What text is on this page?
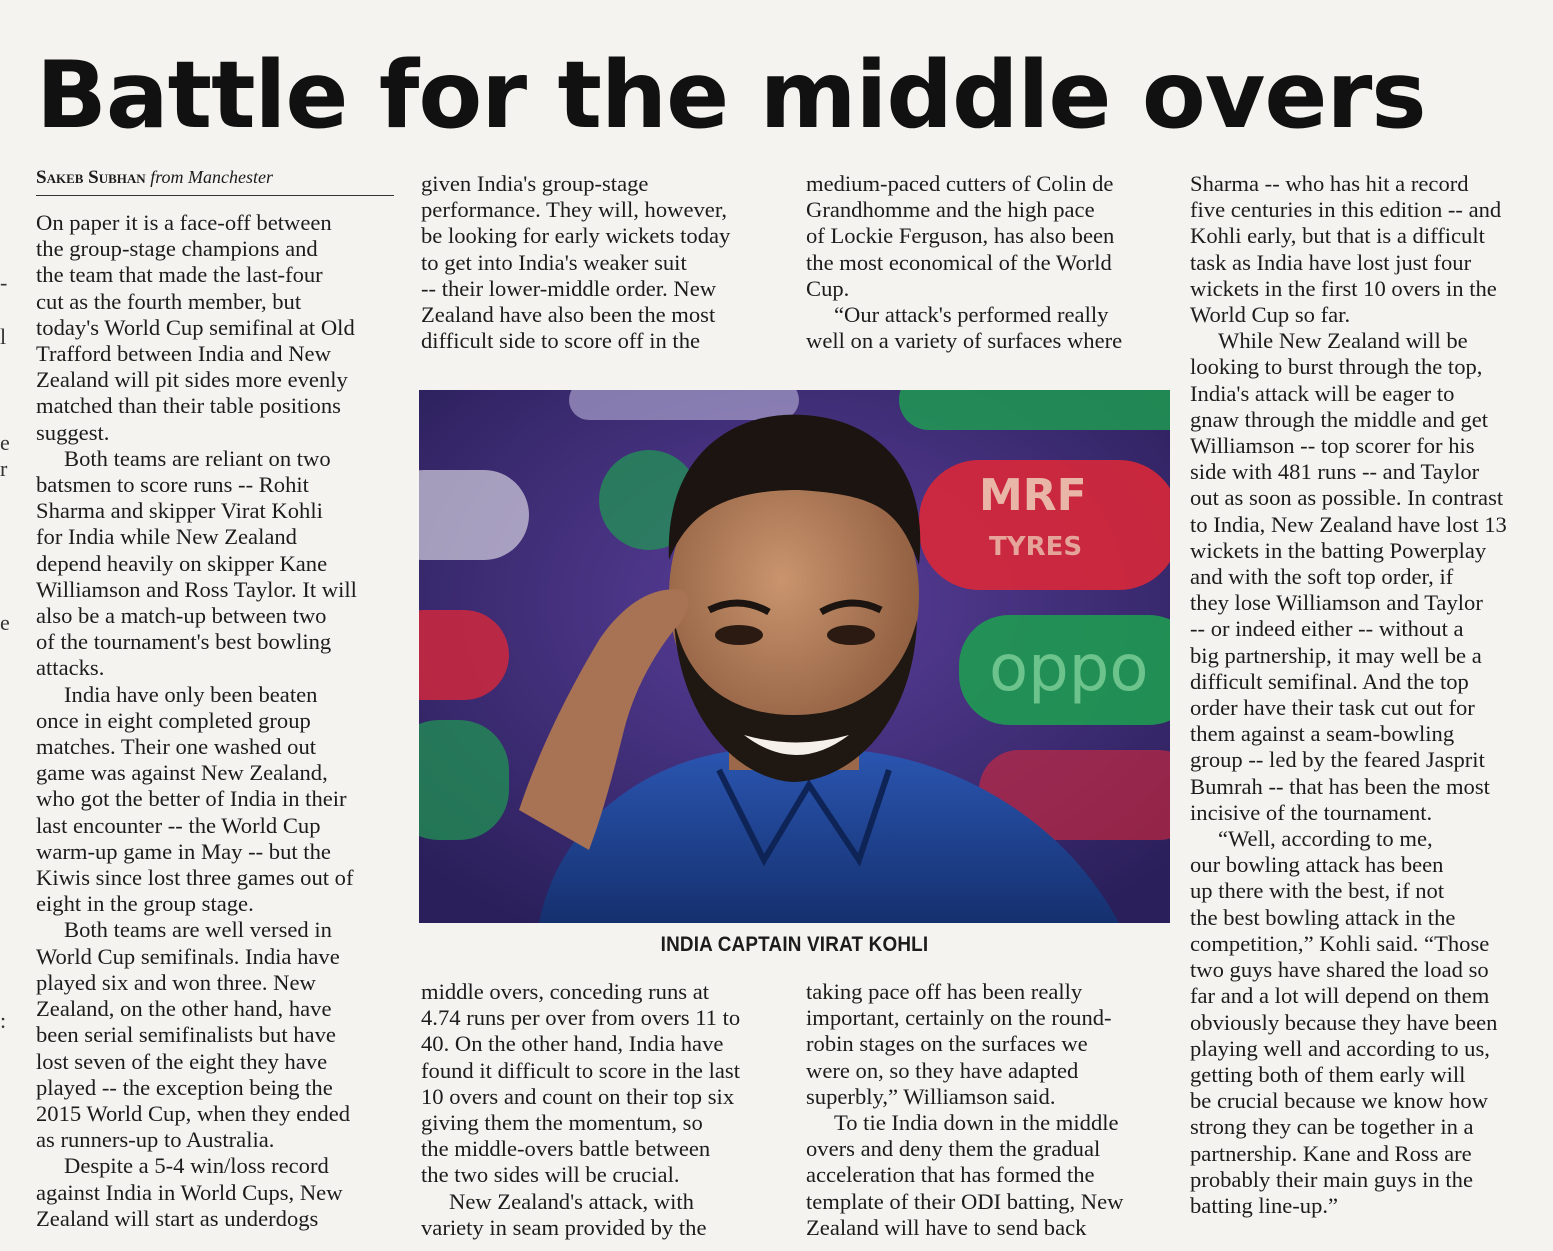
-
l
e
r
e
:
Battle for the middle overs
Sakeb Subhan from Manchester

On paper it is a face-off between

the group-stage champions and

the team that made the last-four

cut as the fourth member, but

today's World Cup semifinal at Old

Trafford between India and New

Zealand will pit sides more evenly

matched than their table positions

suggest.

Both teams are reliant on two

batsmen to score runs -- Rohit

Sharma and skipper Virat Kohli

for India while New Zealand

depend heavily on skipper Kane

Williamson and Ross Taylor. It will

also be a match-up between two

of the tournament's best bowling

attacks.

India have only been beaten

once in eight completed group

matches. Their one washed out

game was against New Zealand,

who got the better of India in their

last encounter -- the World Cup

warm-up game in May -- but the

Kiwis since lost three games out of

eight in the group stage.

Both teams are well versed in

World Cup semifinals. India have

played six and won three. New

Zealand, on the other hand, have

been serial semifinalists but have

lost seven of the eight they have

played -- the exception being the

2015 World Cup, when they ended

as runners-up to Australia.

Despite a 5-4 win/loss record

against India in World Cups, New

Zealand will start as underdogs

given India's group-stage

performance. They will, however,

be looking for early wickets today

to get into India's weaker suit

-- their lower-middle order. New

Zealand have also been the most

difficult side to score off in the

medium-paced cutters of Colin de

Grandhomme and the high pace

of Lockie Ferguson, has also been

the most economical of the World

Cup.

“Our attack's performed really

well on a variety of surfaces where

MRF
TYRES
oppo
INDIA CAPTAIN VIRAT KOHLI

middle overs, conceding runs at

4.74 runs per over from overs 11 to

40. On the other hand, India have

found it difficult to score in the last

10 overs and count on their top six

giving them the momentum, so

the middle-overs battle between

the two sides will be crucial.

New Zealand's attack, with

variety in seam provided by the

taking pace off has been really

important, certainly on the round-

robin stages on the surfaces we

were on, so they have adapted

superbly,” Williamson said.

To tie India down in the middle

overs and deny them the gradual

acceleration that has formed the

template of their ODI batting, New

Zealand will have to send back

Sharma -- who has hit a record

five centuries in this edition -- and

Kohli early, but that is a difficult

task as India have lost just four

wickets in the first 10 overs in the

World Cup so far.

While New Zealand will be

looking to burst through the top,

India's attack will be eager to

gnaw through the middle and get

Williamson -- top scorer for his

side with 481 runs -- and Taylor

out as soon as possible. In contrast

to India, New Zealand have lost 13

wickets in the batting Powerplay

and with the soft top order, if

they lose Williamson and Taylor

-- or indeed either -- without a

big partnership, it may well be a

difficult semifinal. And the top

order have their task cut out for

them against a seam-bowling

group -- led by the feared Jasprit

Bumrah -- that has been the most

incisive of the tournament.

“Well, according to me,

our bowling attack has been

up there with the best, if not

the best bowling attack in the

competition,” Kohli said. “Those

two guys have shared the load so

far and a lot will depend on them

obviously because they have been

playing well and according to us,

getting both of them early will

be crucial because we know how

strong they can be together in a

partnership. Kane and Ross are

probably their main guys in the

batting line-up.”
